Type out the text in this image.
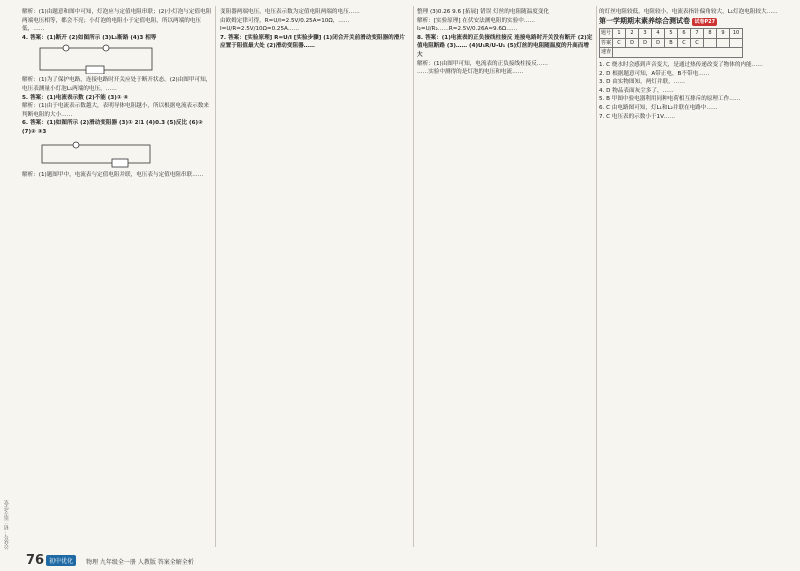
解析：(1)由题意和图中可知，灯泡应与定值电阻串联；(2)小灯泡与定值电阻两端电压相等，都会不亮；小灯泡的电阻小于定值电阻，所以两端的电压低，……

4. 答案：(1)断开 (2)如图所示 (3)L₁断路 (4)3 相等

解析：(1)为了保护电路，连接电路时开关应处于断开状态。(2)由图甲可知，电压表测量小灯泡L₁两端的电压，……

5. 答案：(1)电流表示数 (2)不能 (3)① ④

解析：(1)由于电流表示数越大，表明导体电阻越小，所以根据电流表示数来判断电阻的大小……

6. 答案：(1)如图所示 (2)滑动变阻器 (3)① 2∶1 (4)0.3 (5)反比 (6)② (7)② ③3

解析：(1)题图甲中，电流表与定值电阻并联，电压表与定值电阻串联……

变阻器两端电压，电压表示数为定值电阻两端的电压……

由欧姆定律可得，R=U/I=2.5V/0.25A=10Ω，……

I=U/R=2.5V/10Ω=0.25A……

7. 答案：[实验原理] R=U/I [实验步骤] (1)闭合开关前滑动变阻器的滑片应置于阻值最大处 (2)滑动变阻器……

整理 (3)0.26 9.6 [拓展] 错误 灯丝的电阻随温度变化

解析：[实验原理] 在伏安法测电阻的实验中……

I₂=U/R₂……R=2.5V/0.26A≈9.6Ω……

8. 答案：(1)电流表的正负接线柱接反 连接电路时开关没有断开 (2)定值电阻断路 (3)…… (4)U₁R/U-U₁ (5)灯丝的电阻随温度的升高而增大

解析：(1)由图甲可知，电流表的正负接线柱接反……

……实验中测得的是灯泡的电压和电流……

的灯丝电阻较低，电阻较小，电流表指针偏角较大，L₁灯泡电阻较大……

第一学期期末素养综合测试卷 试卷P27

题号	1	2	3	4	5	6	7	8	9	10
答案	C	D	D	D	B	C	C			
速查										

1. C 烧水时会感到声音变大，是通过热传递改变了物体的内能……

2. D 根据题意可知，A带正电，B不带电……

3. D 由实物图知，两灯并联，……

4. D 物品表面灰尘多了，……

5. B 甲图中验电器利用同种电荷相互排斥的原理工作……

6. C 由电路图可知，灯L₁和L₂并联在电路中……

7. C 电压表的示数小于1V……

公众号：初二语文学堂
76 初中优化	物理 九年级全一册 人教版 答案全解全析
